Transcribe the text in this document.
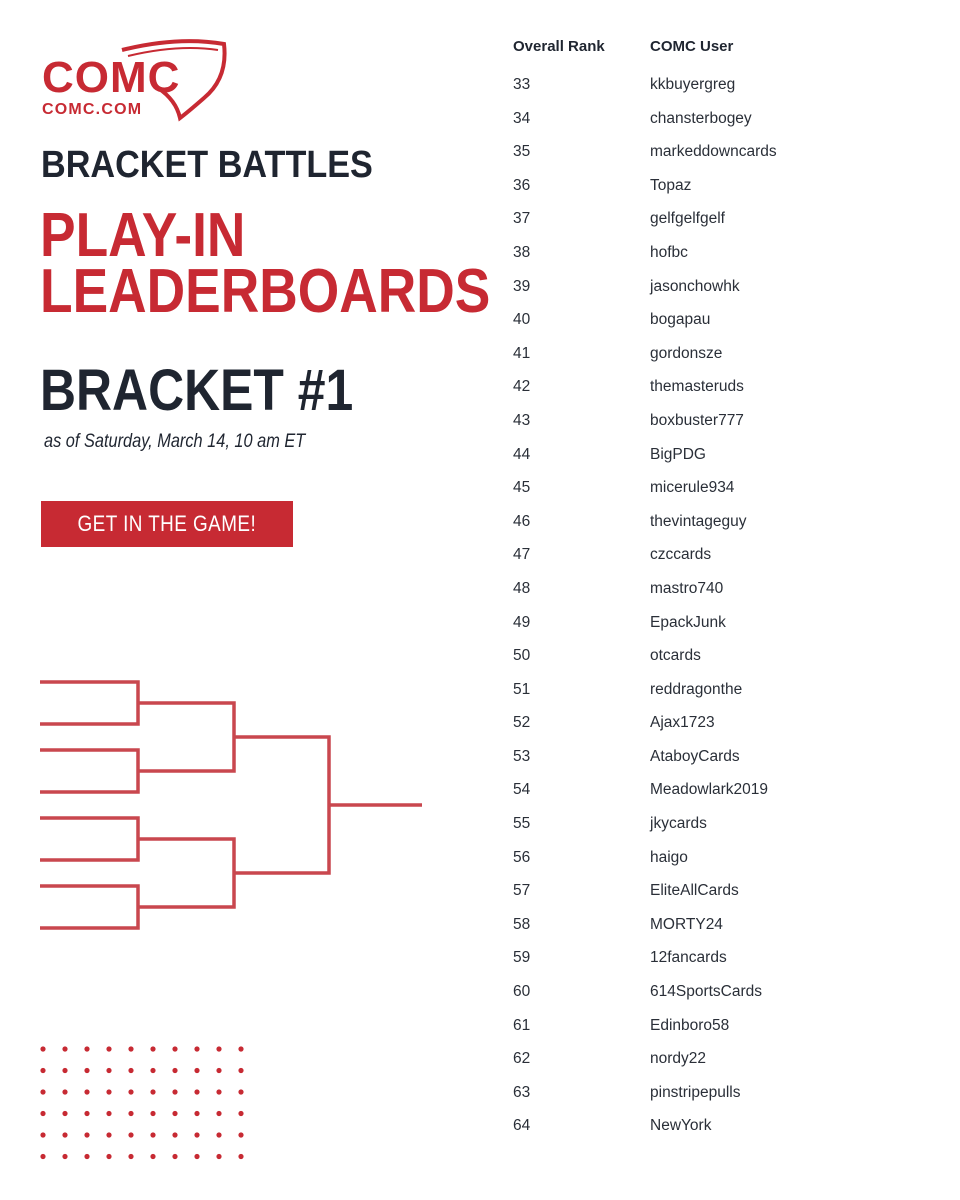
COMC
COMC.COM
BRACKET BATTLES
PLAY-IN
LEADERBOARDS
BRACKET #1
as of Saturday, March 14, 10 am ET
GET IN THE GAME!
Overall Rank	COMC User
33	kkbuyergreg
34	chansterbogey
35	markeddowncards
36	Topaz
37	gelfgelfgelf
38	hofbc
39	jasonchowhk
40	bogapau
41	gordonsze
42	themasteruds
43	boxbuster777
44	BigPDG
45	micerule934
46	thevintageguy
47	czccards
48	mastro740
49	EpackJunk
50	otcards
51	reddragonthe
52	Ajax1723
53	AtaboyCards
54	Meadowlark2019
55	jkycards
56	haigo
57	EliteAllCards
58	MORTY24
59	12fancards
60	614SportsCards
61	Edinboro58
62	nordy22
63	pinstripepulls
64	NewYork
